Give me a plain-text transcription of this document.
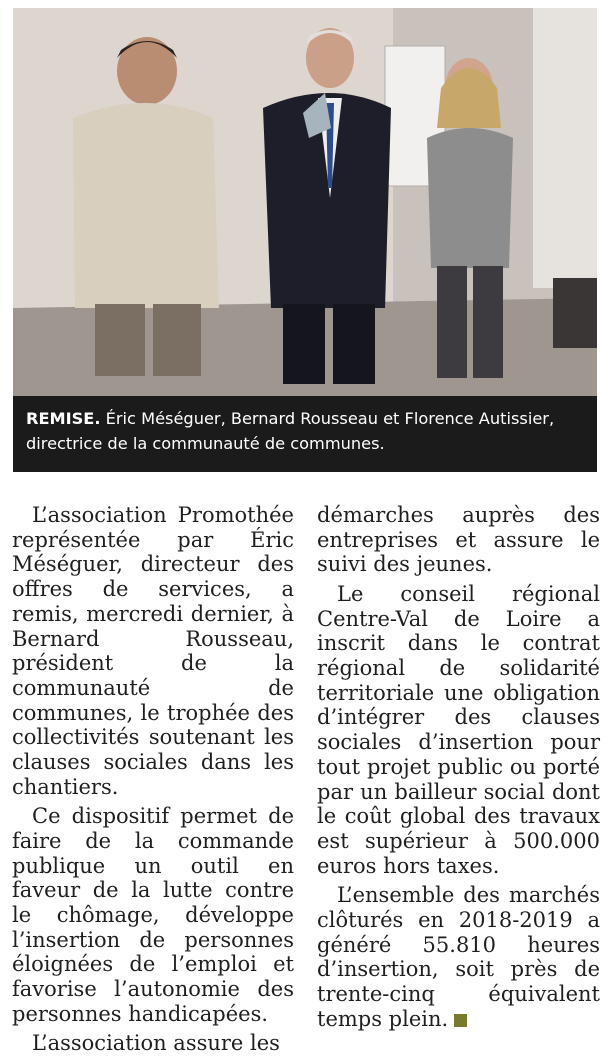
REMISE. Éric Méséguer, Bernard Rousseau et Florence Autissier, directrice de la communauté de communes.

L’association Promothée représentée par Éric Méséguer, directeur des offres de services, a remis, mercredi dernier, à Bernard Rousseau, président de la communauté de communes, le trophée des collectivités soutenant les clauses sociales dans les chantiers.

Ce dispositif permet de faire de la commande publique un outil en faveur de la lutte contre le chômage, développe l’insertion de personnes éloignées de l’emploi et favorise l’autonomie des personnes handicapées.

L’association assure les

démarches auprès des entreprises et assure le suivi des jeunes.

Le conseil régional Centre-Val de Loire a inscrit dans le contrat régional de solidarité territoriale une obligation d’intégrer des clauses sociales d’insertion pour tout projet public ou porté par un bailleur social dont le coût global des travaux est supérieur à 500.000 euros hors taxes.

L’ensemble des marchés clôturés en 2018-2019 a généré 55.810 heures d’insertion, soit près de trente-cinq équivalent temps plein.
